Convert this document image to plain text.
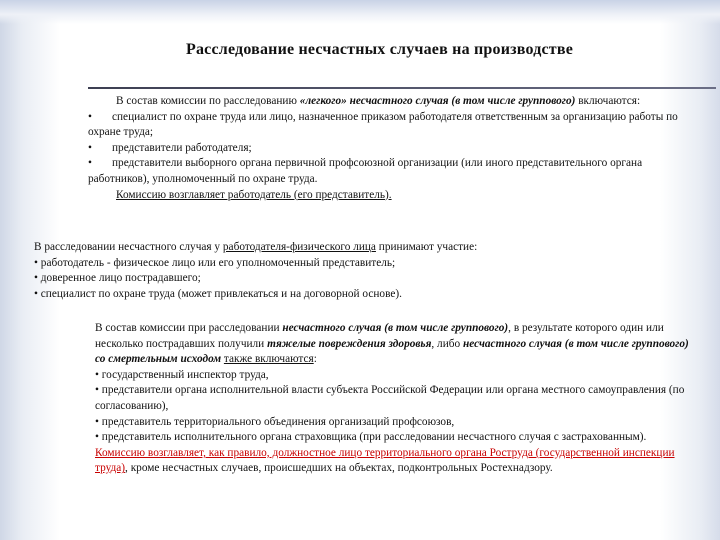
Расследование несчастных случаев на производстве

В состав комиссии по расследованию «легкого» несчастного случая (в том числе группового) включаются:

• специалист по охране труда или лицо, назначенное приказом работодателя ответственным за организацию работы по охране труда;

• представители работодателя;

• представители выборного органа первичной профсоюзной организации (или иного представительного органа работников), уполномоченный по охране труда.

Комиссию возглавляет работодатель (его представитель).

В расследовании несчастного случая у работодателя-физического лица принимают участие:

• работодатель - физическое лицо или его уполномоченный представитель;

• доверенное лицо пострадавшего;

• специалист по охране труда (может привлекаться и на договорной основе).

В состав комиссии при расследовании несчастного случая (в том числе группового), в результате которого один или несколько пострадавших получили тяжелые повреждения здоровья, либо несчастного случая (в том числе группового) со смертельным исходом также включаются:

• государственный инспектор труда,

• представители органа исполнительной власти субъекта Российской Федерации или органа местного самоуправления (по согласованию),

• представитель территориального объединения организаций профсоюзов,

• представитель исполнительного органа страховщика (при расследовании несчастного случая с застрахованным).

Комиссию возглавляет, как правило, должностное лицо территориального органа Роструда (государственной инспекции труда), кроме несчастных случаев, происшедших на объектах, подконтрольных Ростехнадзору.
